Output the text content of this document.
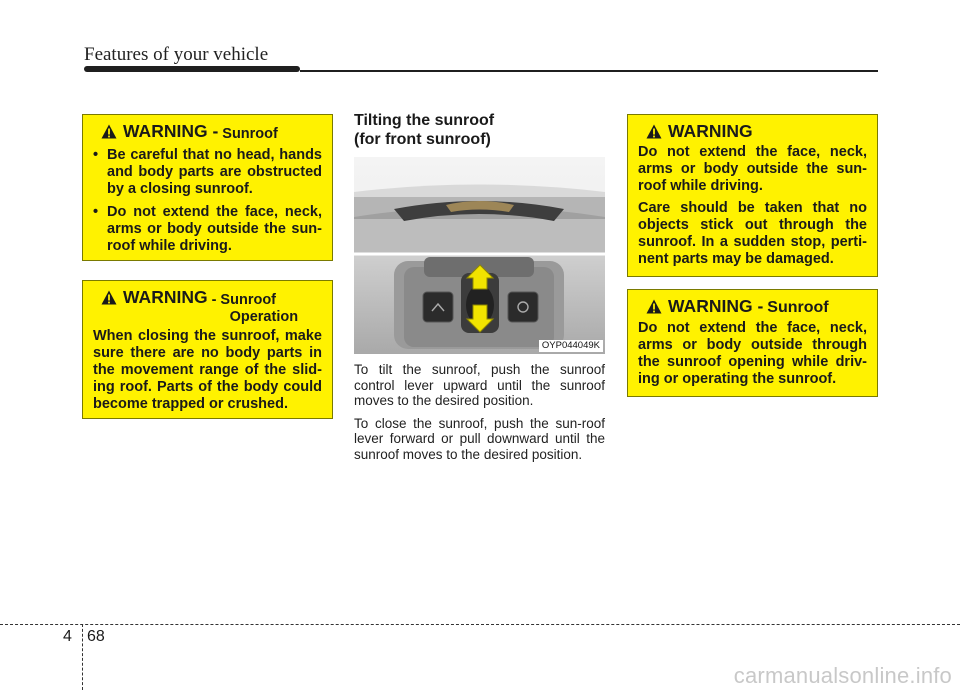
Features of your vehicle
WARNING - Sunroof
• Be careful that no head, hands and body parts are obstructed by a closing sunroof.
• Do not extend the face, neck, arms or body outside the sun-roof while driving.
WARNING - Sunroof
Operation

When closing the sunroof, make sure there are no body parts in the movement range of the slid-ing roof. Parts of the body could become trapped or crushed.

Tilting the sunroof
(for front sunroof)
OYP044049K

To tilt the sunroof, push the sunroof control lever upward until the sunroof moves to the desired position.

To close the sunroof, push the sun-roof lever forward or pull downward until the sunroof moves to the desired position.

WARNING

Do not extend the face, neck, arms or body outside the sun-roof while driving.

Care should be taken that no objects stick out through the sunroof. In a sudden stop, perti-nent parts may be damaged.

WARNING - Sunroof

Do not extend the face, neck, arms or body outside through the sunroof opening while driv-ing or operating the sunroof.

4 68
carmanualsonline.info
